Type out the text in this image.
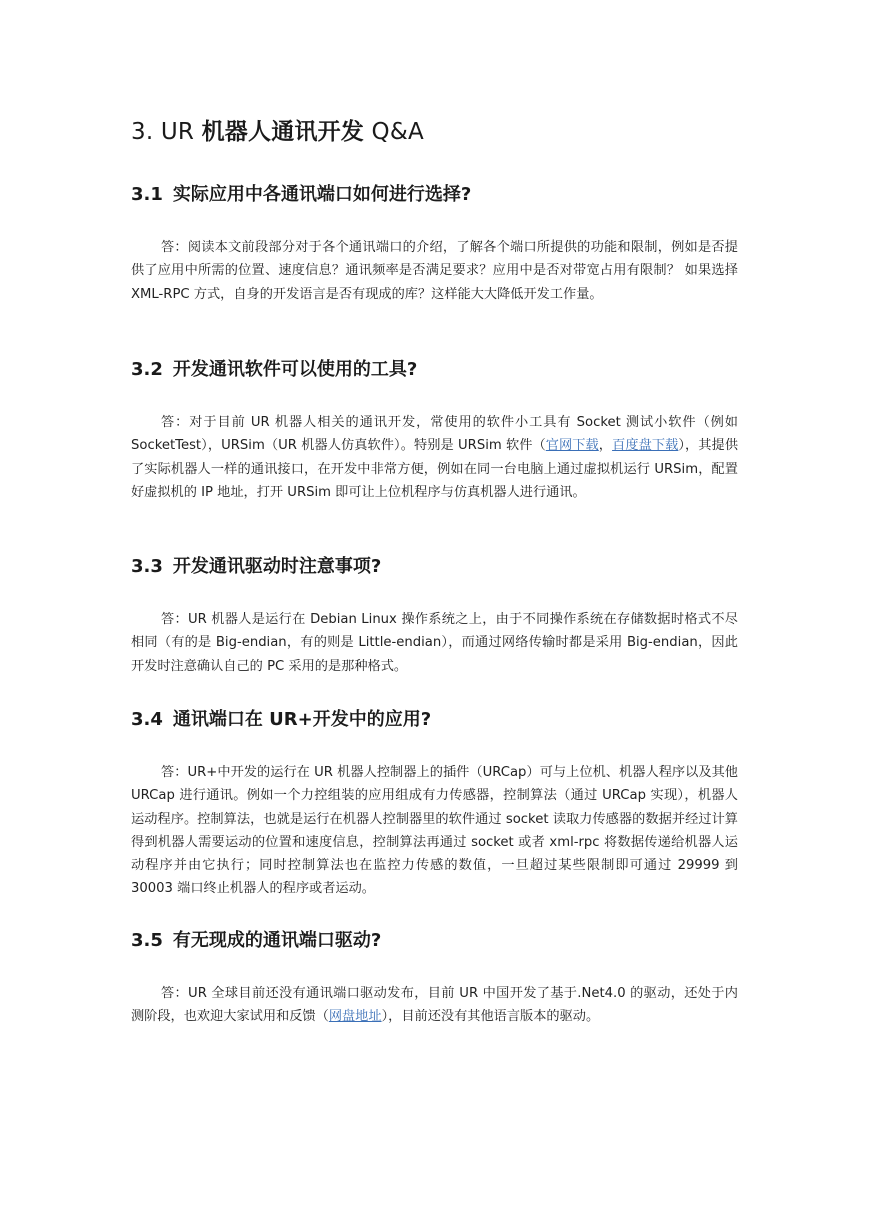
3. UR 机器人通讯开发 Q&A
3.1 实际应用中各通讯端口如何进行选择?

答：阅读本文前段部分对于各个通讯端口的介绍，了解各个端口所提供的功能和限制，例如是否提供了应用中所需的位置、速度信息？通讯频率是否满足要求？应用中是否对带宽占用有限制？ 如果选择 XML-RPC 方式，自身的开发语言是否有现成的库？这样能大大降低开发工作量。

3.2 开发通讯软件可以使用的工具?

答：对于目前 UR 机器人相关的通讯开发，常使用的软件小工具有 Socket 测试小软件（例如 SocketTest），URSim（UR 机器人仿真软件）。特别是 URSim 软件（官网下载，百度盘下载），其提供了实际机器人一样的通讯接口，在开发中非常方便，例如在同一台电脑上通过虚拟机运行 URSim，配置好虚拟机的 IP 地址，打开 URSim 即可让上位机程序与仿真机器人进行通讯。

3.3 开发通讯驱动时注意事项?

答：UR 机器人是运行在 Debian Linux 操作系统之上，由于不同操作系统在存储数据时格式不尽相同（有的是 Big-endian，有的则是 Little-endian），而通过网络传输时都是采用 Big-endian，因此开发时注意确认自己的 PC 采用的是那种格式。

3.4 通讯端口在 UR+开发中的应用?

答：UR+中开发的运行在 UR 机器人控制器上的插件（URCap）可与上位机、机器人程序以及其他 URCap 进行通讯。例如一个力控组装的应用组成有力传感器，控制算法（通过 URCap 实现），机器人运动程序。控制算法，也就是运行在机器人控制器里的软件通过 socket 读取力传感器的数据并经过计算得到机器人需要运动的位置和速度信息，控制算法再通过 socket 或者 xml-rpc 将数据传递给机器人运动程序并由它执行；同时控制算法也在监控力传感的数值，一旦超过某些限制即可通过 29999 到 30003 端口终止机器人的程序或者运动。

3.5 有无现成的通讯端口驱动?

答：UR 全球目前还没有通讯端口驱动发布，目前 UR 中国开发了基于.Net4.0 的驱动，还处于内测阶段，也欢迎大家试用和反馈（网盘地址），目前还没有其他语言版本的驱动。
